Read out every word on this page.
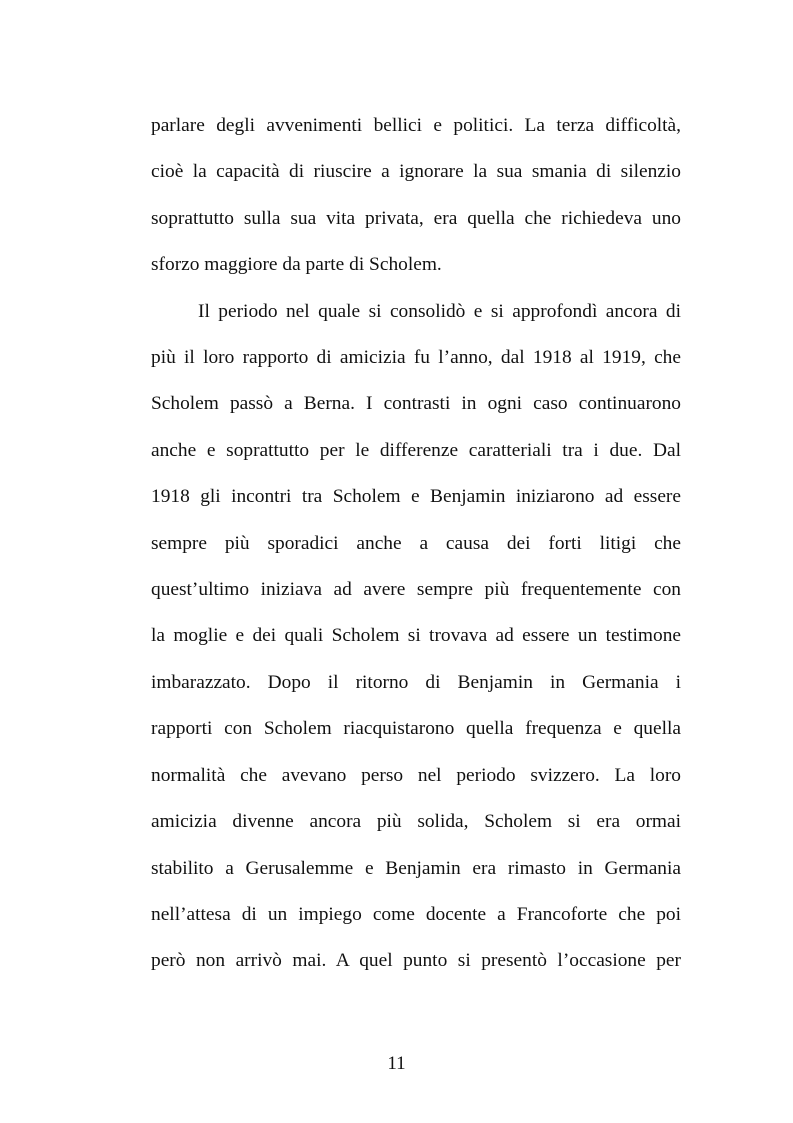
parlare degli avvenimenti bellici e politici. La terza difficoltà,
cioè la capacità di riuscire a ignorare la sua smania di silenzio
soprattutto sulla sua vita privata, era quella che richiedeva uno
sforzo maggiore da parte di Scholem.

Il periodo nel quale si consolidò e si approfondì ancora di
più il loro rapporto di amicizia fu l’anno, dal 1918 al 1919, che
Scholem passò a Berna. I contrasti in ogni caso continuarono
anche e soprattutto per le differenze caratteriali tra i due. Dal
1918 gli incontri tra Scholem e Benjamin iniziarono ad essere
sempre più sporadici anche a causa dei forti litigi che
quest’ultimo iniziava ad avere sempre più frequentemente con
la moglie e dei quali Scholem si trovava ad essere un testimone
imbarazzato. Dopo il ritorno di Benjamin in Germania i
rapporti con Scholem riacquistarono quella frequenza e quella
normalità che avevano perso nel periodo svizzero. La loro
amicizia divenne ancora più solida, Scholem si era ormai
stabilito a Gerusalemme e Benjamin era rimasto in Germania
nell’attesa di un impiego come docente a Francoforte che poi
però non arrivò mai. A quel punto si presentò l’occasione per

11
